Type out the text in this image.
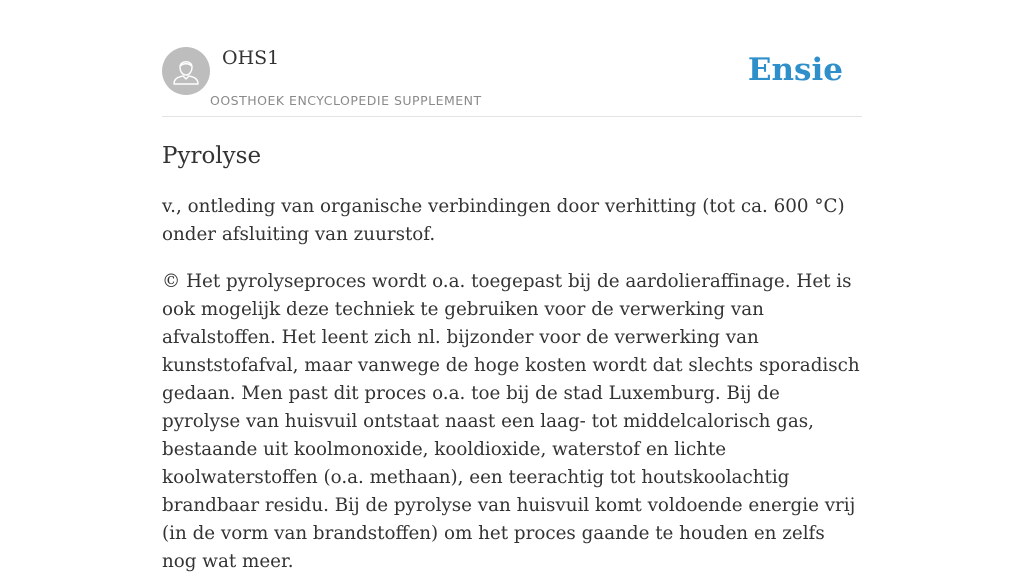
OHS1
OOSTHOEK ENCYCLOPEDIE SUPPLEMENT
Ensie
Pyrolyse

v., ontleding van organische verbindingen door verhitting (tot ca. 600 °C) onder afsluiting van zuurstof.

© Het pyrolyseproces wordt o.a. toegepast bij de aardolieraffinage. Het is ook mogelijk deze techniek te gebruiken voor de verwerking van afvalstoffen. Het leent zich nl. bijzonder voor de verwerking van kunststofafval, maar vanwege de hoge kosten wordt dat slechts sporadisch gedaan. Men past dit proces o.a. toe bij de stad Luxemburg. Bij de pyrolyse van huisvuil ontstaat naast een laag- tot middelcalorisch gas, bestaande uit koolmonoxide, kooldioxide, waterstof en lichte koolwaterstoffen (o.a. methaan), een teerachtig tot houtskoolachtig brandbaar residu. Bij de pyrolyse van huisvuil komt voldoende energie vrij (in de vorm van brandstoffen) om het proces gaande te houden en zelfs nog wat meer.
